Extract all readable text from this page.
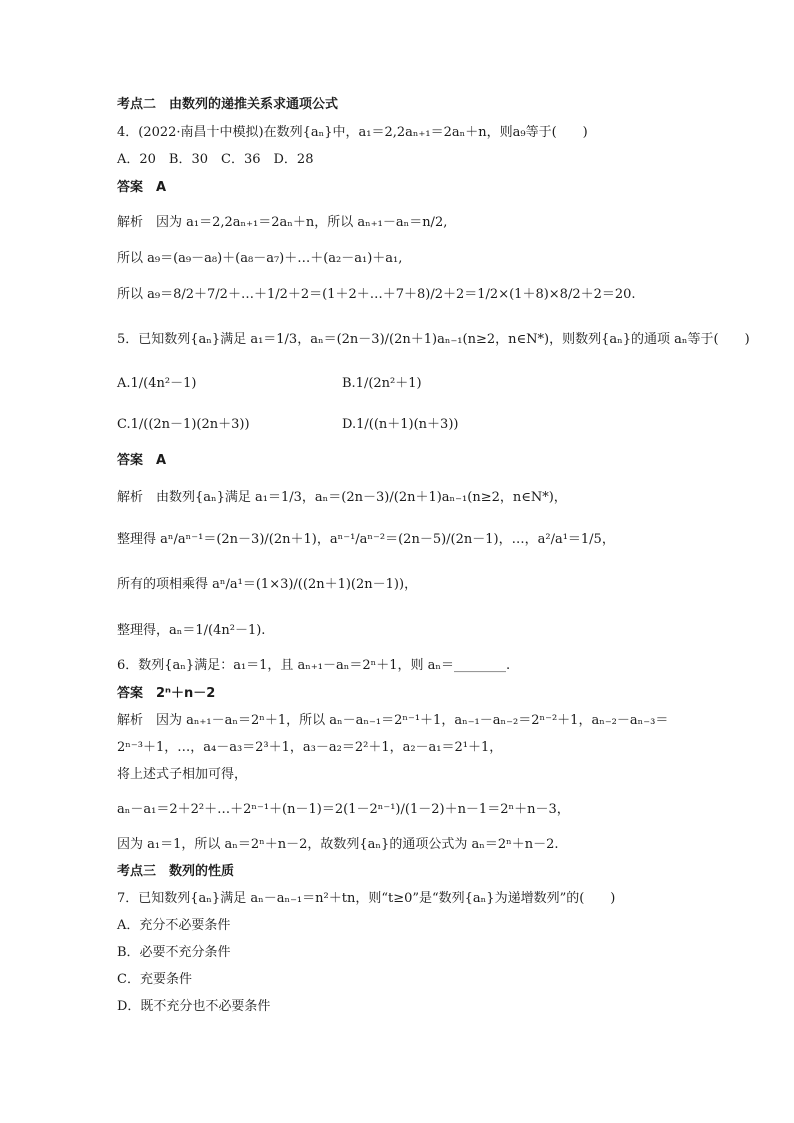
考点二　由数列的递推关系求通项公式
4．(2022·南昌十中模拟)在数列{aₙ}中，a₁＝2,2aₙ₊₁＝2aₙ＋n，则a₉等于(　　)
A．20　B．30　C．36　D．28
答案　A
解析　因为 a₁＝2,2aₙ₊₁＝2aₙ＋n，所以 aₙ₊₁－aₙ＝n/2,
所以 a₉＝(a₉－a₈)＋(a₈－a₇)＋…＋(a₂－a₁)＋a₁,
所以 a₉＝8/2＋7/2＋…＋1/2＋2＝(1＋2＋…＋7＋8)/2＋2＝1/2×(1＋8)×8/2＋2＝20.
5．已知数列{aₙ}满足 a₁＝1/3，aₙ＝(2n－3)/(2n＋1)aₙ₋₁(n≥2，n∈N*)，则数列{aₙ}的通项 aₙ等于(　　)
A.1/(4n²－1)	B.1/(2n²＋1)
C.1/((2n－1)(2n＋3))	D.1/((n＋1)(n＋3))
答案　A
解析　由数列{aₙ}满足 a₁＝1/3，aₙ＝(2n－3)/(2n＋1)aₙ₋₁(n≥2，n∈N*)，
整理得 aⁿ/aⁿ⁻¹＝(2n－3)/(2n＋1)，aⁿ⁻¹/aⁿ⁻²＝(2n－5)/(2n－1)，…，a²/a¹＝1/5，
所有的项相乘得 aⁿ/a¹＝(1×3)/((2n＋1)(2n－1))，
整理得，aₙ＝1/(4n²－1).
6．数列{aₙ}满足：a₁＝1，且 aₙ₊₁－aₙ＝2ⁿ＋1，则 aₙ＝________.
答案　2ⁿ＋n－2
解析　因为 aₙ₊₁－aₙ＝2ⁿ＋1，所以 aₙ－aₙ₋₁＝2ⁿ⁻¹＋1，aₙ₋₁－aₙ₋₂＝2ⁿ⁻²＋1，aₙ₋₂－aₙ₋₃＝
2ⁿ⁻³＋1，…，a₄－a₃＝2³＋1，a₃－a₂＝2²＋1，a₂－a₁＝2¹＋1，
将上述式子相加可得，
aₙ－a₁＝2＋2²＋…＋2ⁿ⁻¹＋(n－1)＝2(1－2ⁿ⁻¹)/(1－2)＋n－1＝2ⁿ＋n－3，
因为 a₁＝1，所以 aₙ＝2ⁿ＋n－2，故数列{aₙ}的通项公式为 aₙ＝2ⁿ＋n－2.
考点三　数列的性质
7．已知数列{aₙ}满足 aₙ－aₙ₋₁＝n²＋tn，则“t≥0”是“数列{aₙ}为递增数列”的(　　)
A．充分不必要条件
B．必要不充分条件
C．充要条件
D．既不充分也不必要条件
